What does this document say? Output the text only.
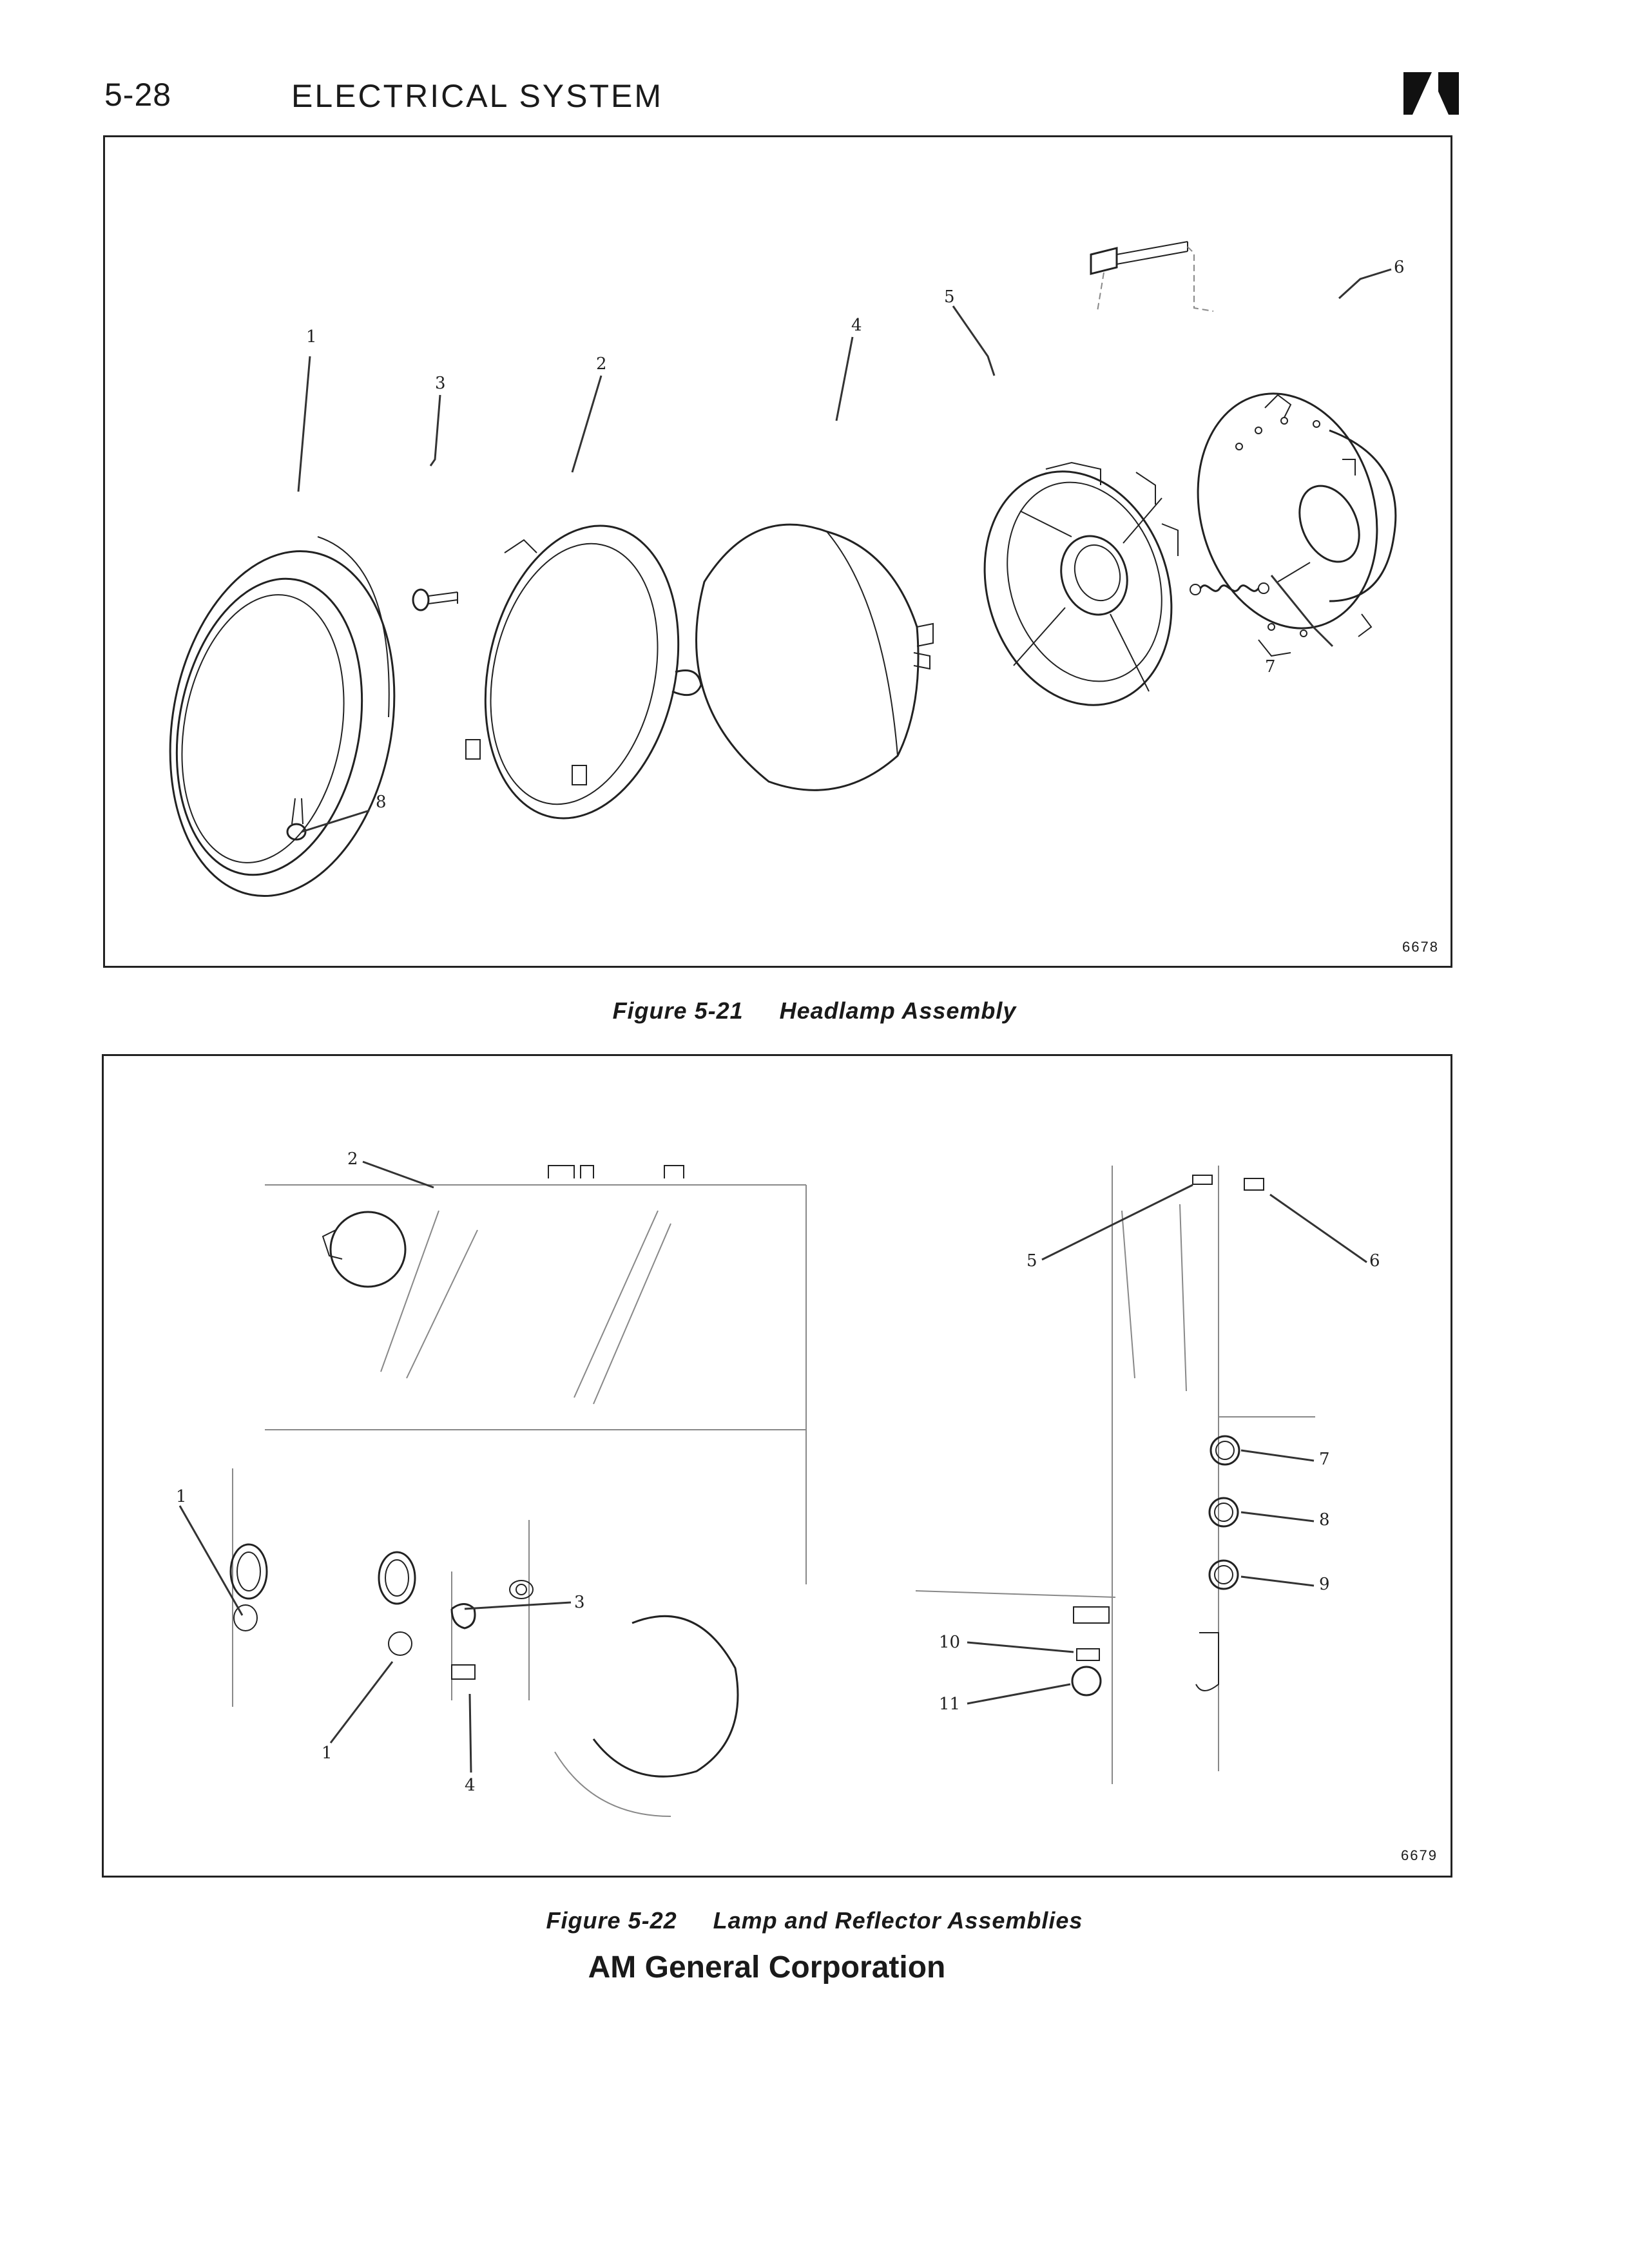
5-28	ELECTRICAL SYSTEM
1
3
2
4
5
6
7
8
6678
Figure 5-21 Headlamp Assembly
2
5	6
1
3
1
4
7
8
9
10
11
6679
Figure 5-22 Lamp and Reflector Assemblies
AM General Corporation
